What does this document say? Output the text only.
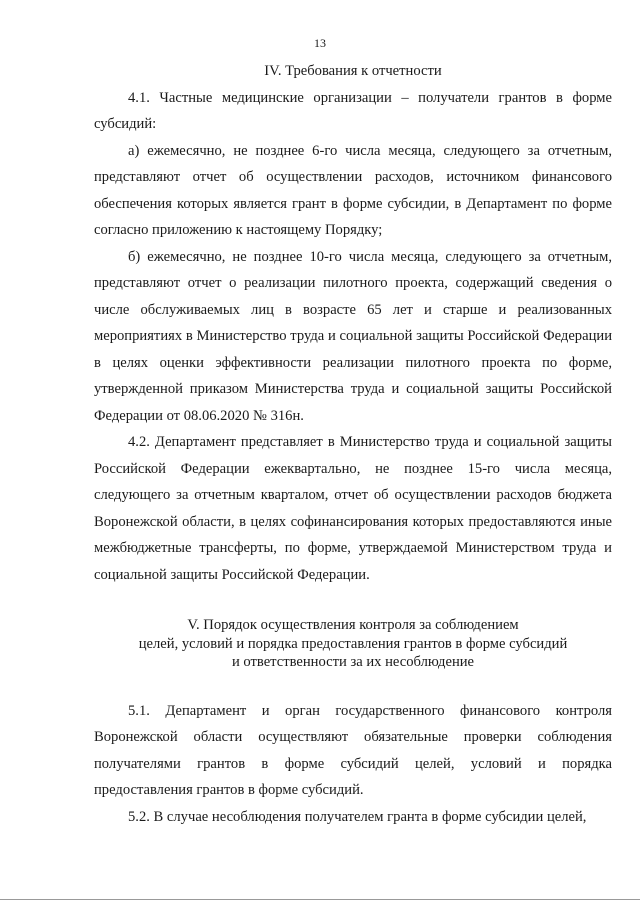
13

IV. Требования к отчетности

4.1. Частные медицинские организации – получатели грантов в форме субсидий:

а) ежемесячно, не позднее 6-го числа месяца, следующего за отчетным, представляют отчет об осуществлении расходов, источником финансового обеспечения которых является грант в форме субсидии, в Департамент по форме согласно приложению к настоящему Порядку;

б) ежемесячно, не позднее 10-го числа месяца, следующего за отчетным, представляют отчет о реализации пилотного проекта, содержащий сведения о числе обслуживаемых лиц в возрасте 65 лет и старше и реализованных мероприятиях в Министерство труда и социальной защиты Российской Федерации в целях оценки эффективности реализации пилотного проекта по форме, утвержденной приказом Министерства труда и социальной защиты Российской Федерации от 08.06.2020 № 316н.

4.2. Департамент представляет в Министерство труда и социальной защиты Российской Федерации ежеквартально, не позднее 15-го числа месяца, следующего за отчетным кварталом, отчет об осуществлении расходов бюджета Воронежской области, в целях софинансирования которых предоставляются иные межбюджетные трансферты, по форме, утверждаемой Министерством труда и социальной защиты Российской Федерации.

V. Порядок осуществления контроля за соблюдением
целей, условий и порядка предоставления грантов в форме субсидий
и ответственности за их несоблюдение

5.1. Департамент и орган государственного финансового контроля Воронежской области осуществляют обязательные проверки соблюдения получателями грантов в форме субсидий целей, условий и порядка предоставления грантов в форме субсидий.

5.2. В случае несоблюдения получателем гранта в форме субсидии целей,
